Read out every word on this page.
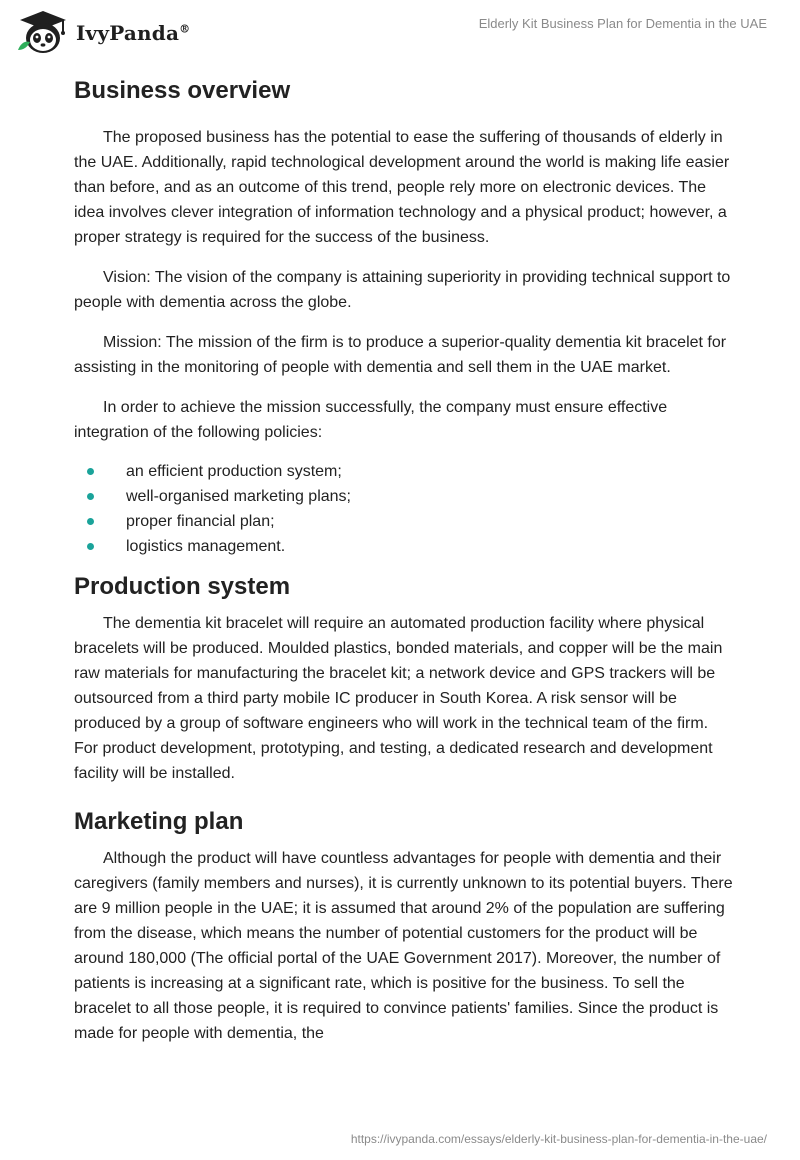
IvyPanda®	Elderly Kit Business Plan for Dementia in the UAE
Business overview

The proposed business has the potential to ease the suffering of thousands of elderly in the UAE. Additionally, rapid technological development around the world is making life easier than before, and as an outcome of this trend, people rely more on electronic devices. The idea involves clever integration of information technology and a physical product; however, a proper strategy is required for the success of the business.

Vision: The vision of the company is attaining superiority in providing technical support to people with dementia across the globe.

Mission: The mission of the firm is to produce a superior-quality dementia kit bracelet for assisting in the monitoring of people with dementia and sell them in the UAE market.

In order to achieve the mission successfully, the company must ensure effective integration of the following policies:

an efficient production system;
well-organised marketing plans;
proper financial plan;
logistics management.
Production system

The dementia kit bracelet will require an automated production facility where physical bracelets will be produced. Moulded plastics, bonded materials, and copper will be the main raw materials for manufacturing the bracelet kit; a network device and GPS trackers will be outsourced from a third party mobile IC producer in South Korea. A risk sensor will be produced by a group of software engineers who will work in the technical team of the firm. For product development, prototyping, and testing, a dedicated research and development facility will be installed.

Marketing plan

Although the product will have countless advantages for people with dementia and their caregivers (family members and nurses), it is currently unknown to its potential buyers. There are 9 million people in the UAE; it is assumed that around 2% of the population are suffering from the disease, which means the number of potential customers for the product will be around 180,000 (The official portal of the UAE Government 2017). Moreover, the number of patients is increasing at a significant rate, which is positive for the business. To sell the bracelet to all those people, it is required to convince patients' families. Since the product is made for people with dementia, the

https://ivypanda.com/essays/elderly-kit-business-plan-for-dementia-in-the-uae/
